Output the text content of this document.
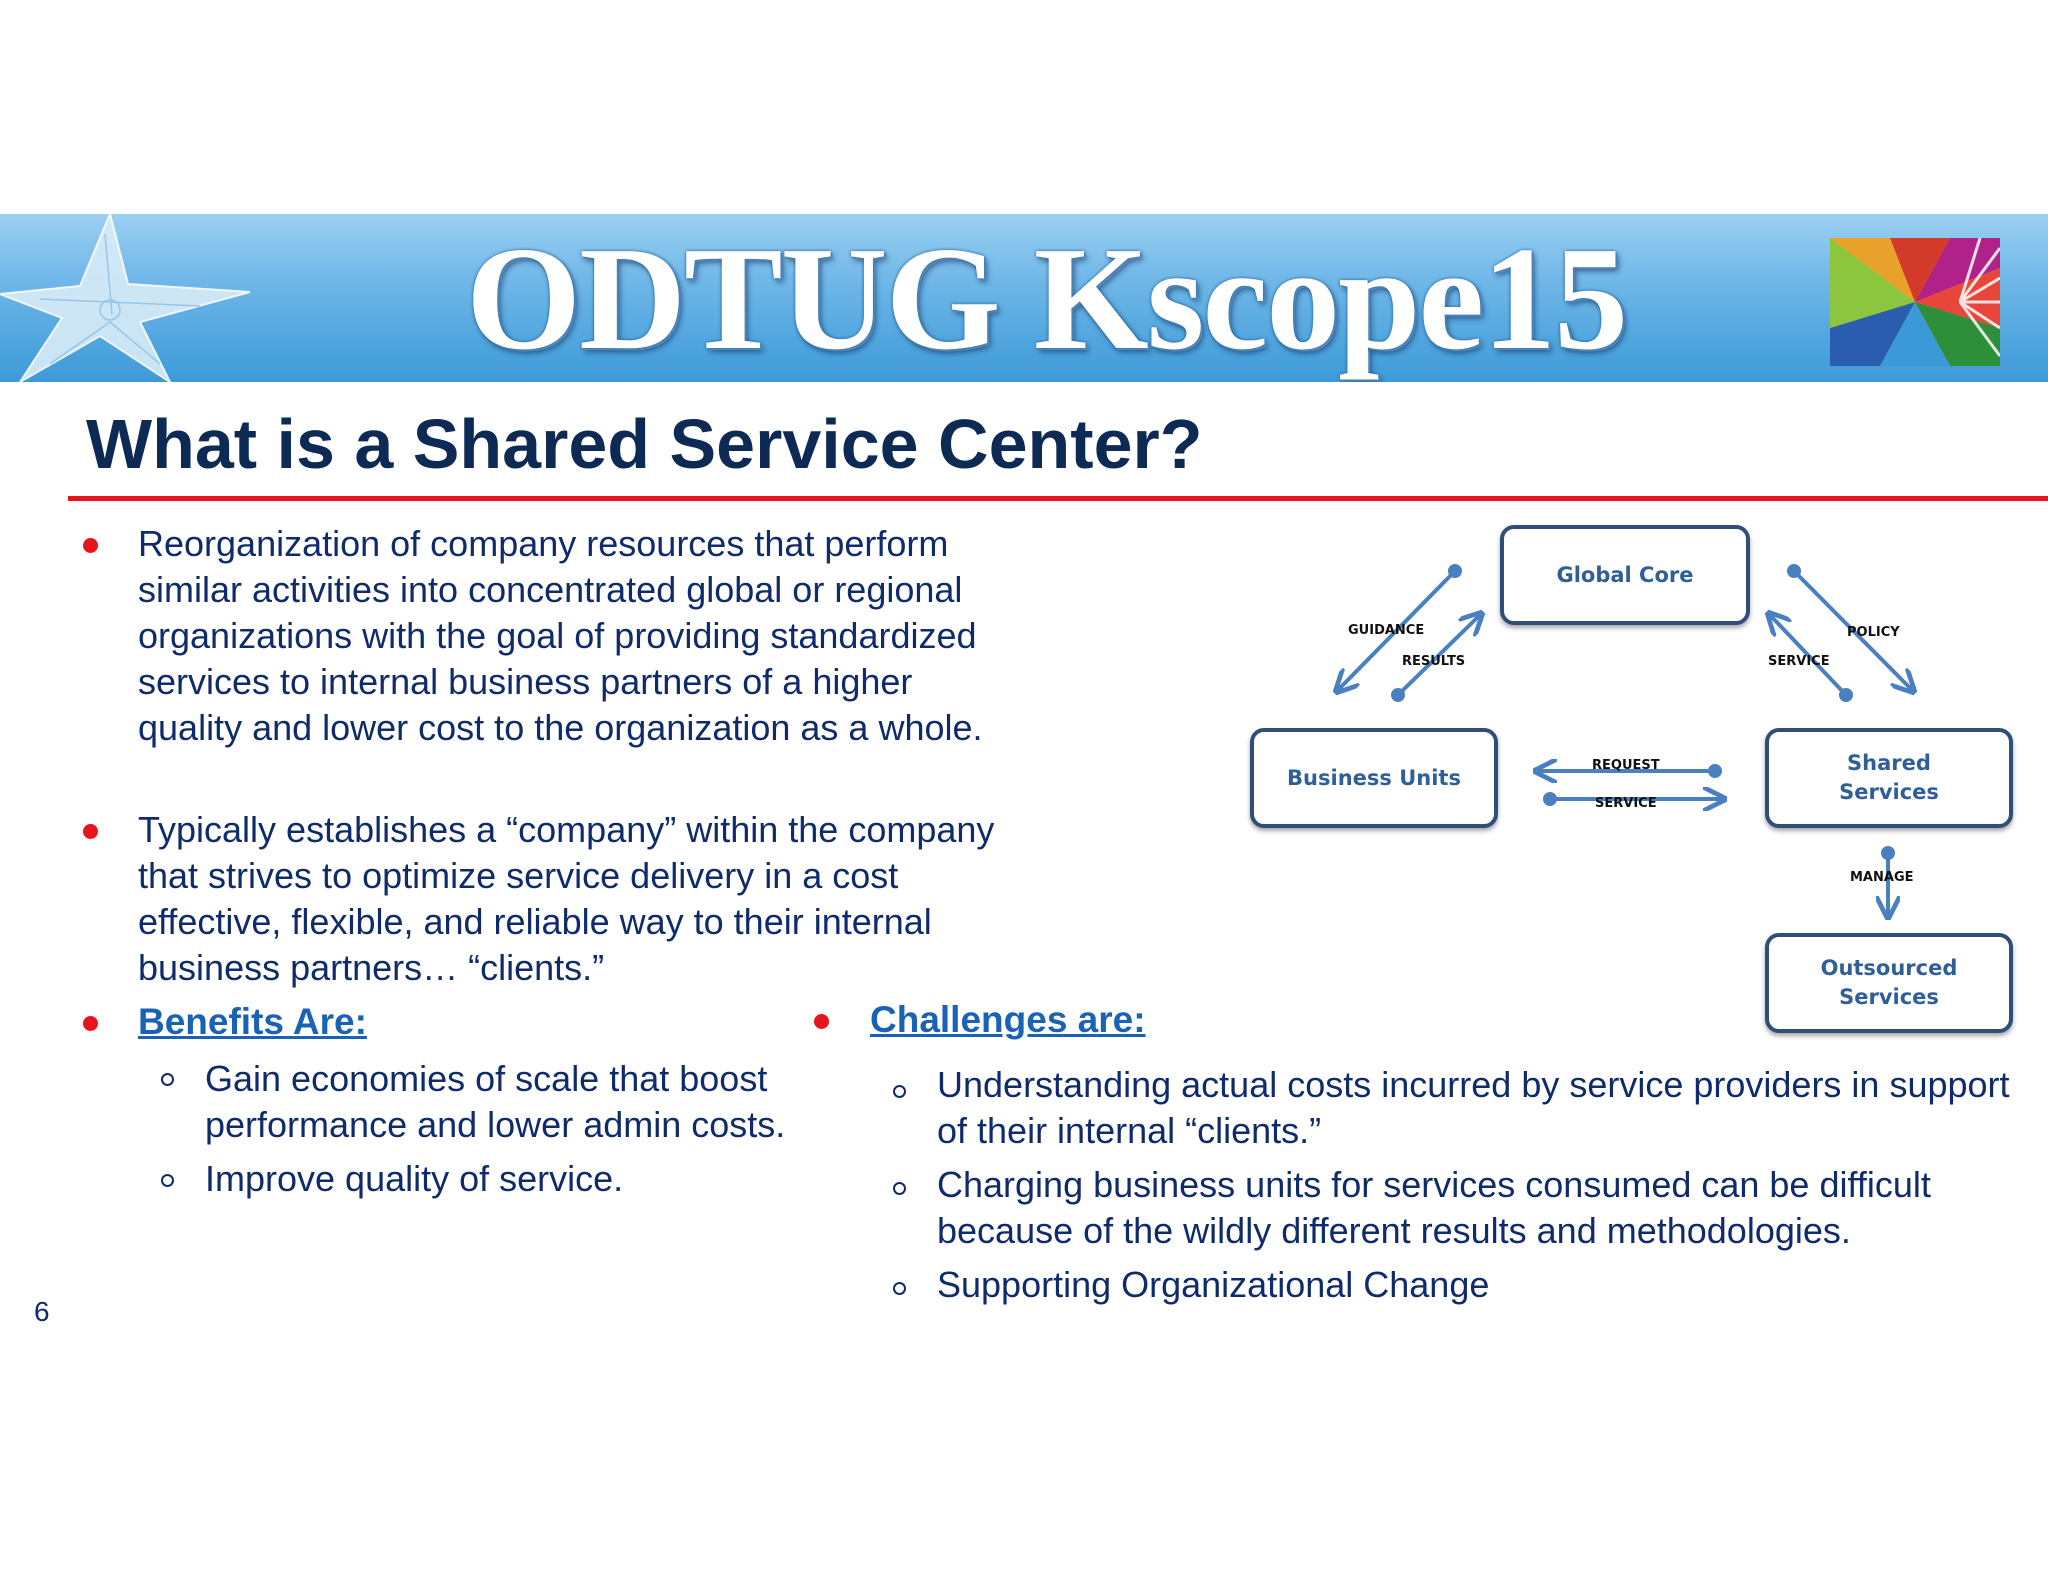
ODTUG Kscope15
What is a Shared Service Center?
Reorganization of company resources that perform similar activities into concentrated global or regional organizations with the goal of providing standardized services to internal business partners of a higher quality and lower cost to the organization as a whole.
Typically establishes a “company” within the company that strives to optimize service delivery in a cost effective, flexible, and reliable way to their internal business partners… “clients.”
Benefits Are:
Gain economies of scale that boost performance and lower admin costs.
Improve quality of service.
Challenges are:
Understanding actual costs incurred by service providers in support of their internal “clients.”
Charging business units for services consumed can be difficult because of the wildly different results and methodologies.
Supporting Organizational Change
Global Core
Business Units
Shared Services
Outsourced Services
GUIDANCE
RESULTS
POLICY
SERVICE
REQUEST
SERVICE
MANAGE
6
